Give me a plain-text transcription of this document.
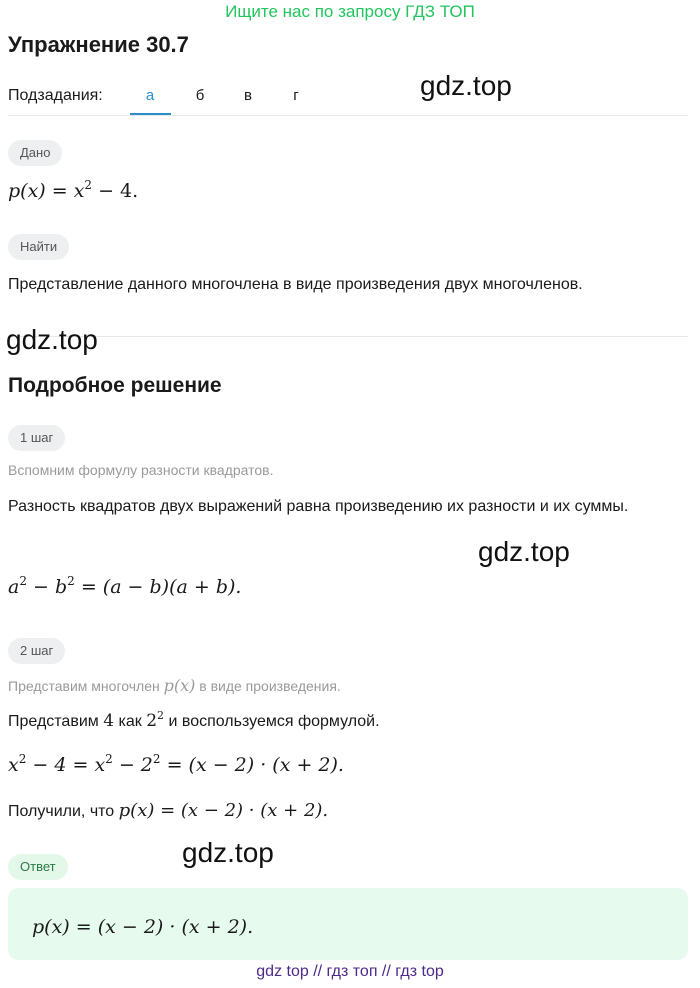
Ищите нас по запросу ГДЗ ТОП
Упражнение 30.7
Подзадания:	а	б	в	г	gdz.top
Дано
$p(x) = x^2 - 4$.
Найти
Представление данного многочлена в виде произведения двух многочленов.
gdz.top
Подробное решение
1 шаг
Вспомним формулу разности квадратов.
Разность квадратов двух выражений равна произведению их разности и их суммы.
gdz.top
$a^2 - b^2 = (a - b)(a + b)$.
2 шаг
Представим многочлен p(x) в виде произведения.
Представим 4 как $2^2$ и воспользуемся формулой.
$x^2 - 4 = x^2 - 2^2 = (x - 2) \cdot (x + 2)$.
Получили, что p(x) = (x − 2) · (x + 2).
gdz.top
Ответ
p(x) = (x − 2) · (x + 2).
gdz top // гдз топ // гдз top
